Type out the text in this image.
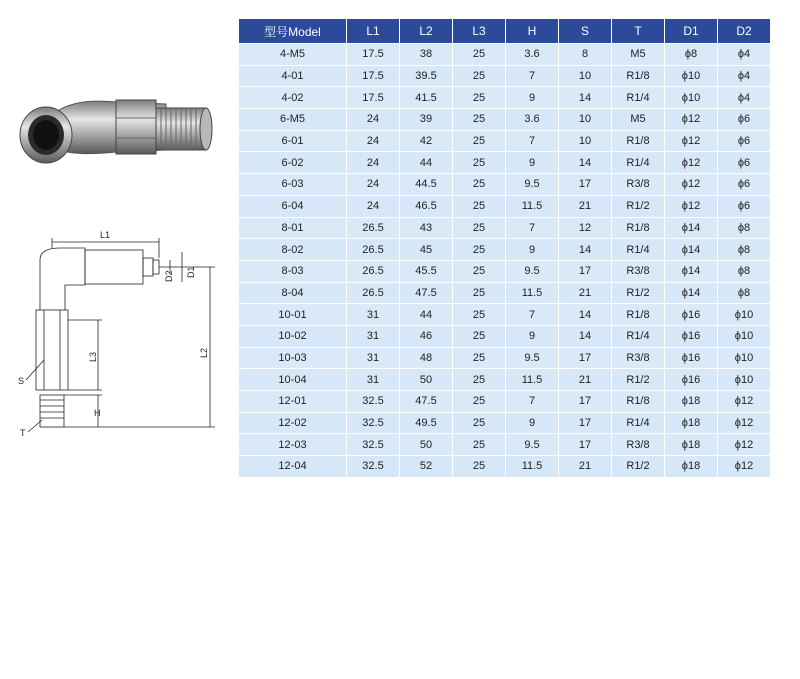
L1
D2 D1
L2
L3
H
S
T
型号Model	L1	L2	L3	H	S	T	D1	D2
4-M5	17.5	38	25	3.6	8	M5	ϕ8	ϕ4
4-01	17.5	39.5	25	7	10	R1/8	ϕ10	ϕ4
4-02	17.5	41.5	25	9	14	R1/4	ϕ10	ϕ4
6-M5	24	39	25	3.6	10	M5	ϕ12	ϕ6
6-01	24	42	25	7	10	R1/8	ϕ12	ϕ6
6-02	24	44	25	9	14	R1/4	ϕ12	ϕ6
6-03	24	44.5	25	9.5	17	R3/8	ϕ12	ϕ6
6-04	24	46.5	25	11.5	21	R1/2	ϕ12	ϕ6
8-01	26.5	43	25	7	12	R1/8	ϕ14	ϕ8
8-02	26.5	45	25	9	14	R1/4	ϕ14	ϕ8
8-03	26.5	45.5	25	9.5	17	R3/8	ϕ14	ϕ8
8-04	26.5	47.5	25	11.5	21	R1/2	ϕ14	ϕ8
10-01	31	44	25	7	14	R1/8	ϕ16	ϕ10
10-02	31	46	25	9	14	R1/4	ϕ16	ϕ10
10-03	31	48	25	9.5	17	R3/8	ϕ16	ϕ10
10-04	31	50	25	11.5	21	R1/2	ϕ16	ϕ10
12-01	32.5	47.5	25	7	17	R1/8	ϕ18	ϕ12
12-02	32.5	49.5	25	9	17	R1/4	ϕ18	ϕ12
12-03	32.5	50	25	9.5	17	R3/8	ϕ18	ϕ12
12-04	32.5	52	25	11.5	21	R1/2	ϕ18	ϕ12
